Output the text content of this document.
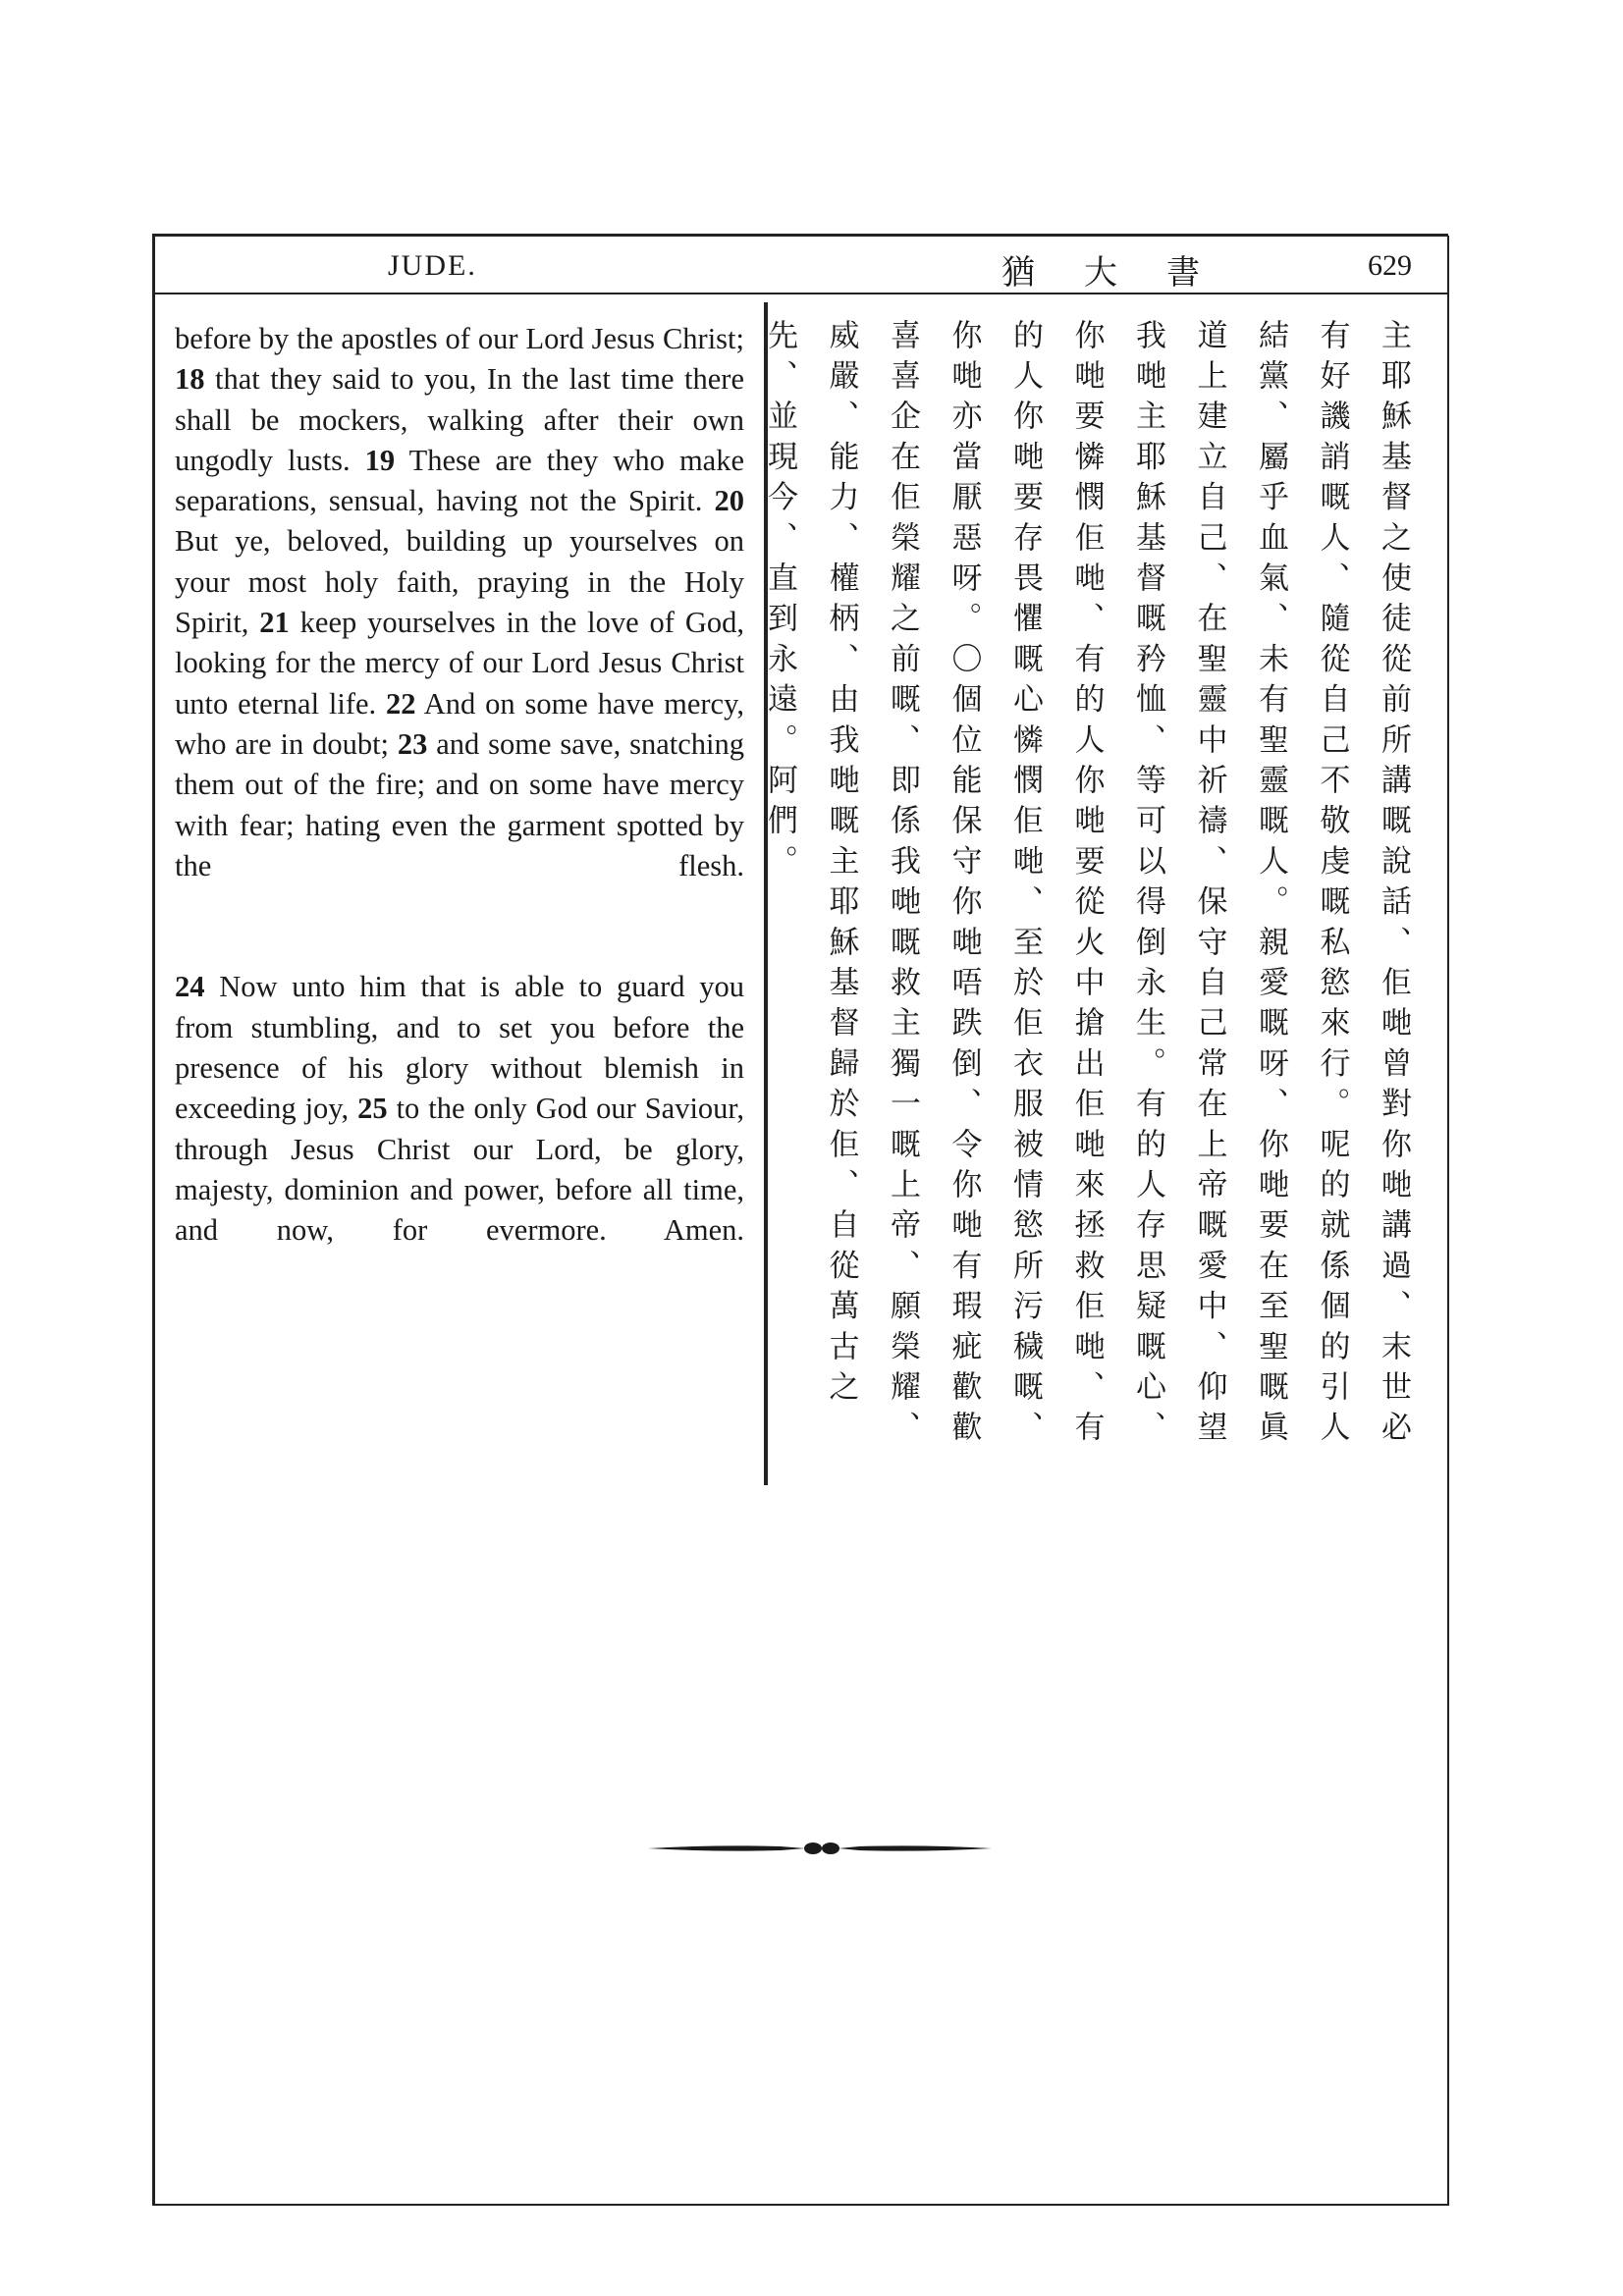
JUDE.	猶大書	629

before by the apostles of our Lord Jesus Christ; 18 that they said to you, In the last time there shall be mockers, walking after their own ungodly lusts. 19 These are they who make separations, sensual, having not the Spirit. 20 But ye, beloved, building up yourselves on your most holy faith, praying in the Holy Spirit, 21 keep yourselves in the love of God, looking for the mercy of our Lord Jesus Christ unto eternal life. 22 And on some have mercy, who are in doubt; 23 and some save, snatching them out of the fire; and on some have mercy with fear; hating even the garment spotted by the flesh.

24 Now unto him that is able to guard you from stumbling, and to set you before the presence of his glory without blemish in exceeding joy, 25 to the only God our Saviour, through Jesus Christ our Lord, be glory, majesty, dominion and power, before all time, and now, for evermore. Amen.	主耶穌基督之使徒從前所講嘅說話、佢哋曾對你哋講過、末世必有好譏誚嘅人、隨從自己不敬虔嘅私慾來行。呢的就係個的引人結黨、屬乎血氣、未有聖靈嘅人。親愛嘅呀、你哋要在至聖嘅眞道上建立自己、在聖靈中祈禱、保守自己常在上帝嘅愛中、仰望我哋主耶穌基督嘅矜恤、等可以得倒永生。有的人存思疑嘅心、你哋要憐憫佢哋、有的人你哋要從火中搶出佢哋來拯救佢哋、有的人你哋要存畏懼嘅心憐憫佢哋、至於佢衣服被情慾所污穢嘅、你哋亦當厭惡呀。〇個位能保守你哋唔跌倒、令你哋有瑕疵歡歡喜喜企在佢榮耀之前嘅、即係我哋嘅救主獨一嘅上帝、願榮耀、威嚴、能力、權柄、由我哋嘅主耶穌基督歸於佢、自從萬古之先、並現今、直到永遠。阿們。
